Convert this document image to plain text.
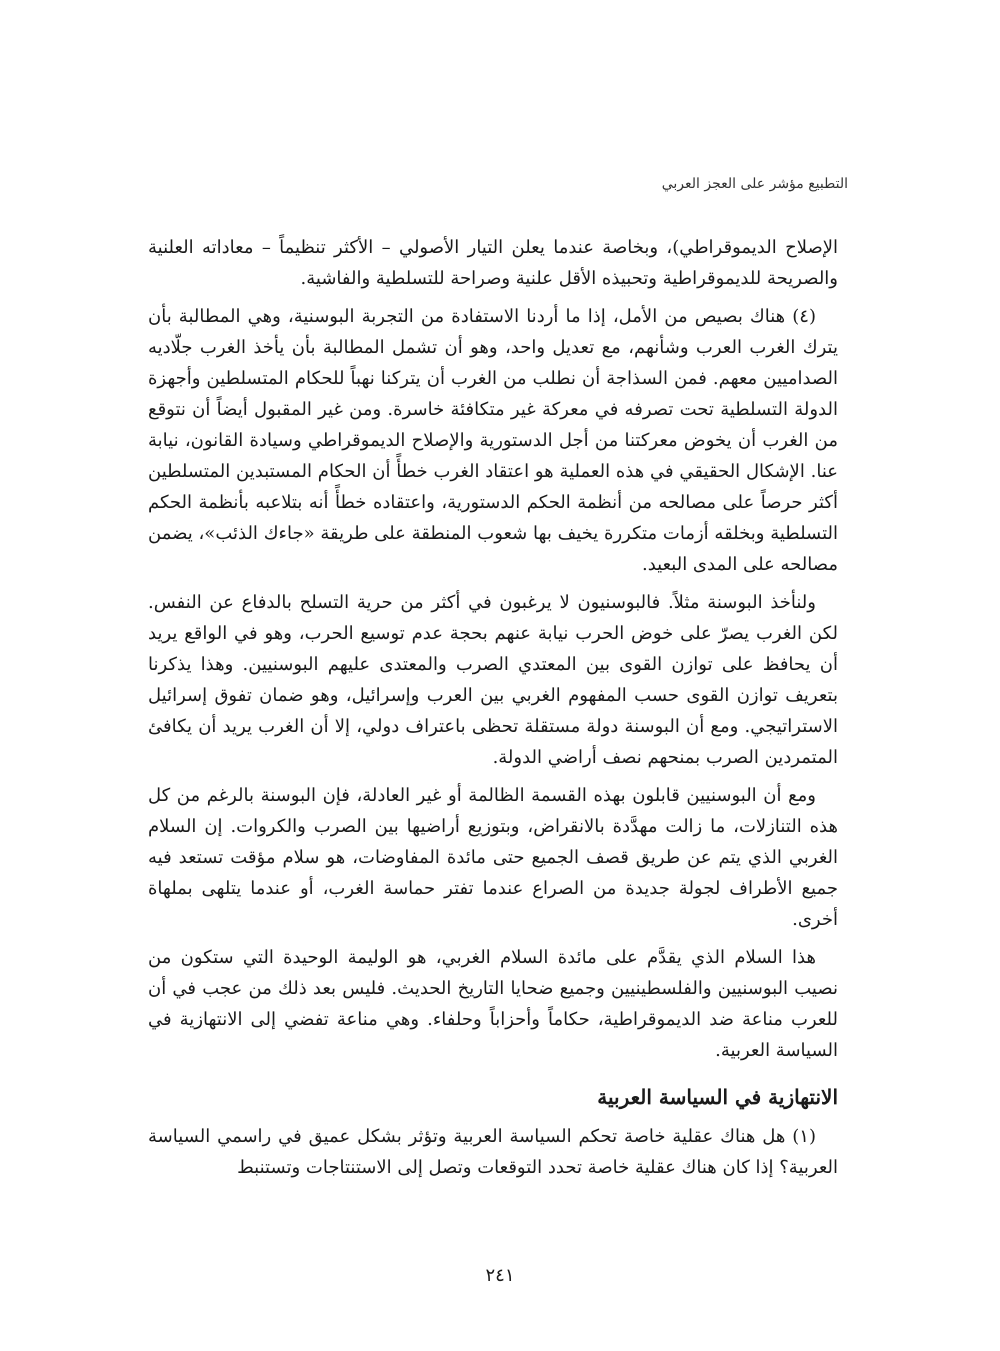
التطبيع مؤشر على العجز العربي

الإصلاح الديموقراطي)، وبخاصة عندما يعلن التيار الأصولي – الأكثر تنظيماً – معاداته العلنية والصريحة للديموقراطية وتحبيذه الأقل علنية وصراحة للتسلطية والفاشية.

(٤) هناك بصيص من الأمل، إذا ما أردنا الاستفادة من التجربة البوسنية، وهي المطالبة بأن يترك الغرب العرب وشأنهم، مع تعديل واحد، وهو أن تشمل المطالبة بأن يأخذ الغرب جلّاديه الصداميين معهم. فمن السذاجة أن نطلب من الغرب أن يتركنا نهباً للحكام المتسلطين وأجهزة الدولة التسلطية تحت تصرفه في معركة غير متكافئة خاسرة. ومن غير المقبول أيضاً أن نتوقع من الغرب أن يخوض معركتنا من أجل الدستورية والإصلاح الديموقراطي وسيادة القانون، نيابة عنا. الإشكال الحقيقي في هذه العملية هو اعتقاد الغرب خطأً أن الحكام المستبدين المتسلطين أكثر حرصاً على مصالحه من أنظمة الحكم الدستورية، واعتقاده خطأً أنه بتلاعبه بأنظمة الحكم التسلطية وبخلقه أزمات متكررة يخيف بها شعوب المنطقة على طريقة «جاءك الذئب»، يضمن مصالحه على المدى البعيد.

ولنأخذ البوسنة مثلاً. فالبوسنيون لا يرغبون في أكثر من حرية التسلح بالدفاع عن النفس. لكن الغرب يصرّ على خوض الحرب نيابة عنهم بحجة عدم توسيع الحرب، وهو في الواقع يريد أن يحافظ على توازن القوى بين المعتدي الصرب والمعتدى عليهم البوسنيين. وهذا يذكرنا بتعريف توازن القوى حسب المفهوم الغربي بين العرب وإسرائيل، وهو ضمان تفوق إسرائيل الاستراتيجي. ومع أن البوسنة دولة مستقلة تحظى باعتراف دولي، إلا أن الغرب يريد أن يكافئ المتمردين الصرب بمنحهم نصف أراضي الدولة.

ومع أن البوسنيين قابلون بهذه القسمة الظالمة أو غير العادلة، فإن البوسنة بالرغم من كل هذه التنازلات، ما زالت مهدَّدة بالانقراض، وبتوزيع أراضيها بين الصرب والكروات. إن السلام الغربي الذي يتم عن طريق قصف الجميع حتى مائدة المفاوضات، هو سلام مؤقت تستعد فيه جميع الأطراف لجولة جديدة من الصراع عندما تفتر حماسة الغرب، أو عندما يتلهى بملهاة أخرى.

هذا السلام الذي يقدَّم على مائدة السلام الغربي، هو الوليمة الوحيدة التي ستكون من نصيب البوسنيين والفلسطينيين وجميع ضحايا التاريخ الحديث. فليس بعد ذلك من عجب في أن للعرب مناعة ضد الديموقراطية، حكاماً وأحزاباً وحلفاء. وهي مناعة تفضي إلى الانتهازية في السياسة العربية.

الانتهازية في السياسة العربية

(١) هل هناك عقلية خاصة تحكم السياسة العربية وتؤثر بشكل عميق في راسمي السياسة العربية؟ إذا كان هناك عقلية خاصة تحدد التوقعات وتصل إلى الاستنتاجات وتستنبط

٢٤١
